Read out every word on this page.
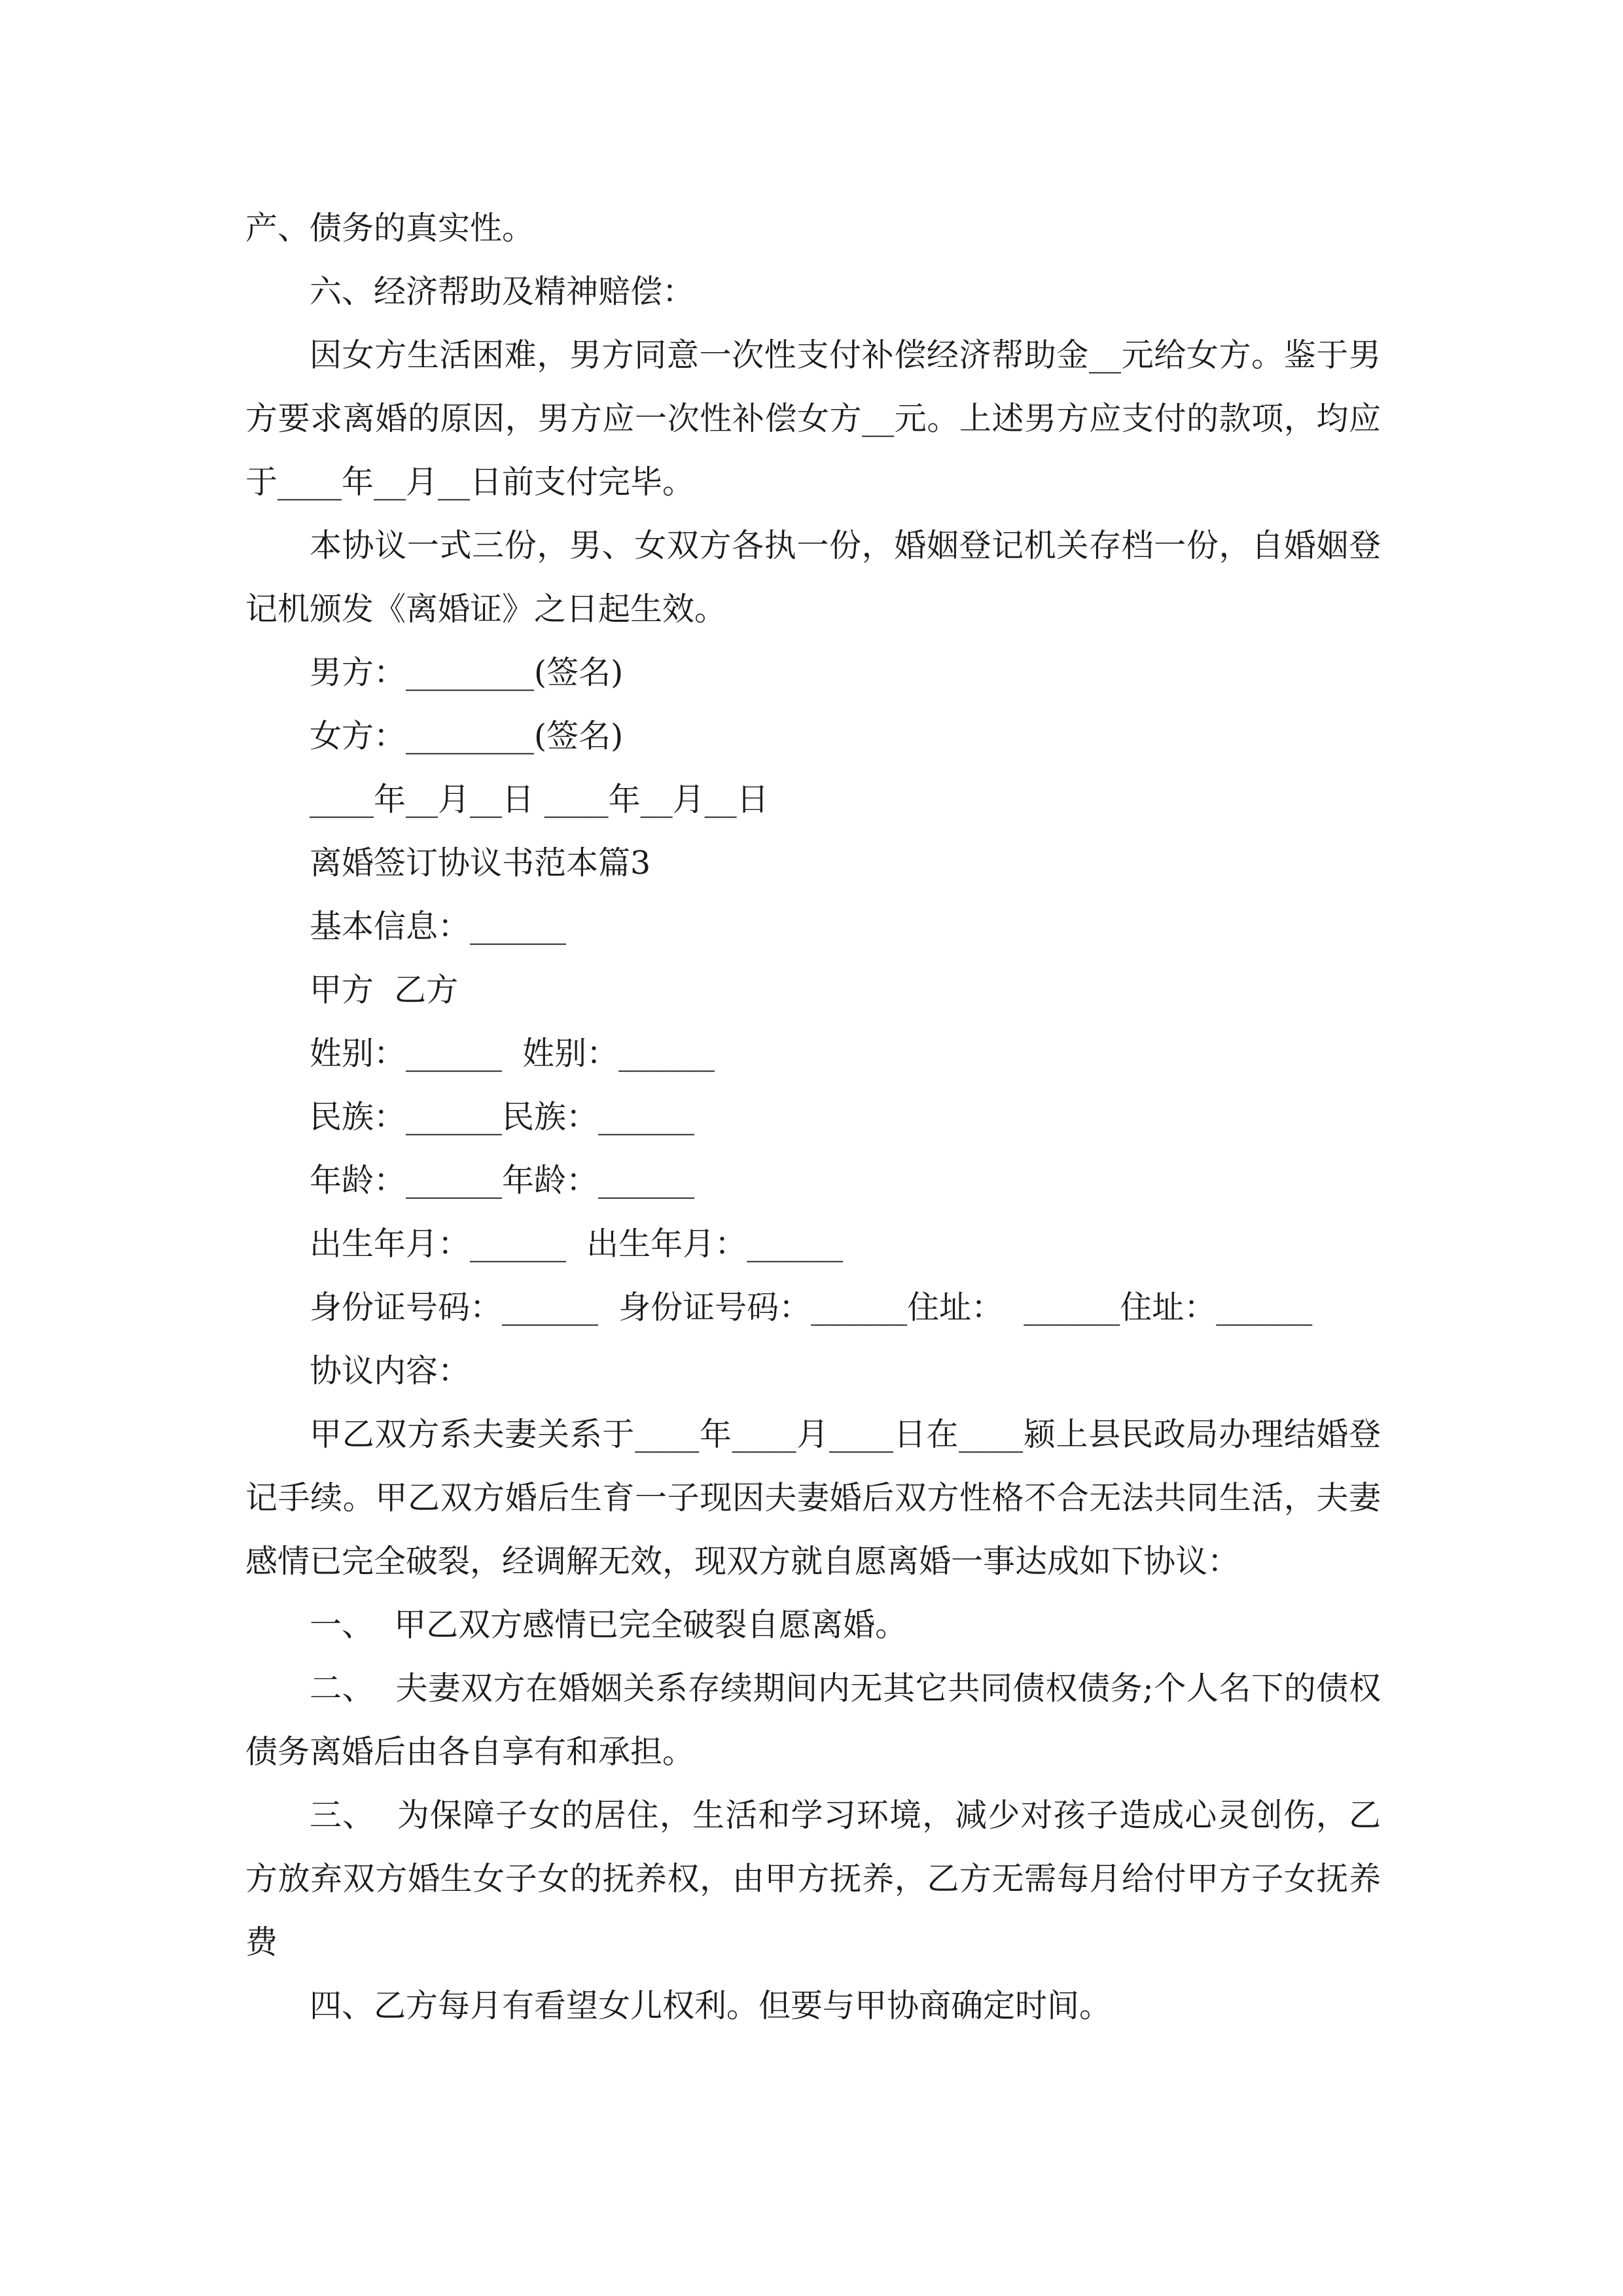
产、债务的真实性。

六、经济帮助及精神赔偿：

因女方生活困难，男方同意一次性支付补偿经济帮助金__元给女方。鉴于男方要求离婚的原因，男方应一次性补偿女方__元。上述男方应支付的款项，均应于____年__月__日前支付完毕。

本协议一式三份，男、女双方各执一份，婚姻登记机关存档一份，自婚姻登记机颁发《离婚证》之日起生效。

男方：________(签名)

女方：________(签名)

____年__月__日 ____年__月__日

离婚签订协议书范本篇3

基本信息：______

甲方  乙方

姓别：______  姓别：______

民族：______民族：______

年龄：______年龄：______

出生年月：______  出生年月：______

身份证号码：______  身份证号码：______住址：  ______住址：______

协议内容：

甲乙双方系夫妻关系于____年____月____日在____颍上县民政局办理结婚登记手续。甲乙双方婚后生育一子现因夫妻婚后双方性格不合无法共同生活，夫妻感情已完全破裂，经调解无效，现双方就自愿离婚一事达成如下协议：

一、  甲乙双方感情已完全破裂自愿离婚。

二、  夫妻双方在婚姻关系存续期间内无其它共同债权债务;个人名下的债权债务离婚后由各自享有和承担。

三、  为保障子女的居住，生活和学习环境，减少对孩子造成心灵创伤，乙方放弃双方婚生女子女的抚养权，由甲方抚养，乙方无需每月给付甲方子女抚养费

四、乙方每月有看望女儿权利。但要与甲协商确定时间。
